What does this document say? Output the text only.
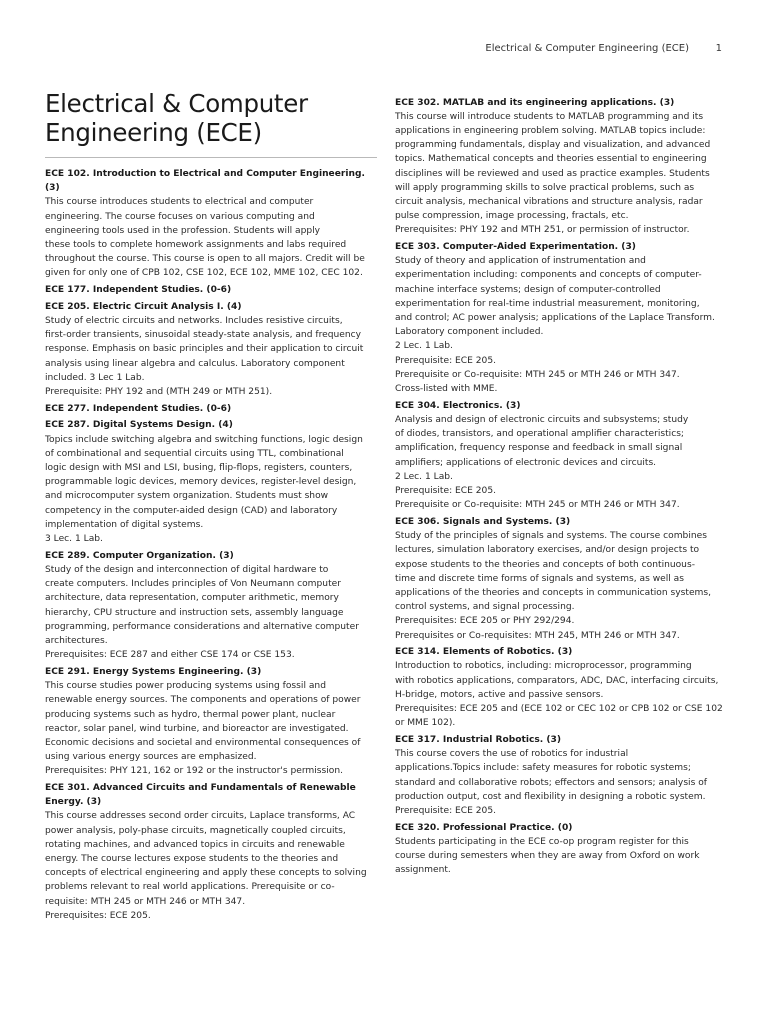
Electrical & Computer Engineering (ECE)	1
Electrical & Computer Engineering (ECE)
ECE 102. Introduction to Electrical and Computer Engineering. (3)
This course introduces students to electrical and computer
engineering. The course focuses on various computing and
engineering tools used in the profession. Students will apply
these tools to complete homework assignments and labs required
throughout the course. This course is open to all majors. Credit will be
given for only one of CPB 102, CSE 102, ECE 102, MME 102, CEC 102.
ECE 177. Independent Studies. (0-6)
ECE 205. Electric Circuit Analysis I. (4)
Study of electric circuits and networks. Includes resistive circuits,
first-order transients, sinusoidal steady-state analysis, and frequency
response. Emphasis on basic principles and their application to circuit
analysis using linear algebra and calculus. Laboratory component
included. 3 Lec 1 Lab.
Prerequisite: PHY 192 and (MTH 249 or MTH 251).
ECE 277. Independent Studies. (0-6)
ECE 287. Digital Systems Design. (4)
Topics include switching algebra and switching functions, logic design
of combinational and sequential circuits using TTL, combinational
logic design with MSI and LSI, busing, flip-flops, registers, counters,
programmable logic devices, memory devices, register-level design,
and microcomputer system organization. Students must show
competency in the computer-aided design (CAD) and laboratory
implementation of digital systems.
3 Lec. 1 Lab.
ECE 289. Computer Organization. (3)
Study of the design and interconnection of digital hardware to
create computers. Includes principles of Von Neumann computer
architecture, data representation, computer arithmetic, memory
hierarchy, CPU structure and instruction sets, assembly language
programming, performance considerations and alternative computer
architectures.
Prerequisites: ECE 287 and either CSE 174 or CSE 153.
ECE 291. Energy Systems Engineering. (3)
This course studies power producing systems using fossil and
renewable energy sources. The components and operations of power
producing systems such as hydro, thermal power plant, nuclear
reactor, solar panel, wind turbine, and bioreactor are investigated.
Economic decisions and societal and environmental consequences of
using various energy sources are emphasized.
Prerequisites: PHY 121, 162 or 192 or the instructor's permission.
ECE 301. Advanced Circuits and Fundamentals of Renewable
Energy. (3)
This course addresses second order circuits, Laplace transforms, AC
power analysis, poly-phase circuits, magnetically coupled circuits,
rotating machines, and advanced topics in circuits and renewable
energy. The course lectures expose students to the theories and
concepts of electrical engineering and apply these concepts to solving
problems relevant to real world applications. Prerequisite or co-
requisite: MTH 245 or MTH 246 or MTH 347.
Prerequisites: ECE 205.
ECE 302. MATLAB and its engineering applications. (3)
This course will introduce students to MATLAB programming and its
applications in engineering problem solving. MATLAB topics include:
programming fundamentals, display and visualization, and advanced
topics. Mathematical concepts and theories essential to engineering
disciplines will be reviewed and used as practice examples. Students
will apply programming skills to solve practical problems, such as
circuit analysis, mechanical vibrations and structure analysis, radar
pulse compression, image processing, fractals, etc.
Prerequisites: PHY 192 and MTH 251, or permission of instructor.
ECE 303. Computer-Aided Experimentation. (3)
Study of theory and application of instrumentation and
experimentation including: components and concepts of computer-
machine interface systems; design of computer-controlled
experimentation for real-time industrial measurement, monitoring,
and control; AC power analysis; applications of the Laplace Transform.
Laboratory component included.
2 Lec. 1 Lab.
Prerequisite: ECE 205.
Prerequisite or Co-requisite: MTH 245 or MTH 246 or MTH 347.
Cross-listed with MME.
ECE 304. Electronics. (3)
Analysis and design of electronic circuits and subsystems; study
of diodes, transistors, and operational amplifier characteristics;
amplification, frequency response and feedback in small signal
amplifiers; applications of electronic devices and circuits.
2 Lec. 1 Lab.
Prerequisite: ECE 205.
Prerequisite or Co-requisite: MTH 245 or MTH 246 or MTH 347.
ECE 306. Signals and Systems. (3)
Study of the principles of signals and systems. The course combines
lectures, simulation laboratory exercises, and/or design projects to
expose students to the theories and concepts of both continuous-
time and discrete time forms of signals and systems, as well as
applications of the theories and concepts in communication systems,
control systems, and signal processing.
Prerequisites: ECE 205 or PHY 292/294.
Prerequisites or Co-requisites: MTH 245, MTH 246 or MTH 347.
ECE 314. Elements of Robotics. (3)
Introduction to robotics, including: microprocessor, programming
with robotics applications, comparators, ADC, DAC, interfacing circuits,
H-bridge, motors, active and passive sensors.
Prerequisites: ECE 205 and (ECE 102 or CEC 102 or CPB 102 or CSE 102
or MME 102).
ECE 317. Industrial Robotics. (3)
This course covers the use of robotics for industrial
applications.Topics include: safety measures for robotic systems;
standard and collaborative robots; effectors and sensors; analysis of
production output, cost and flexibility in designing a robotic system.
Prerequisite: ECE 205.
ECE 320. Professional Practice. (0)
Students participating in the ECE co-op program register for this
course during semesters when they are away from Oxford on work
assignment.
